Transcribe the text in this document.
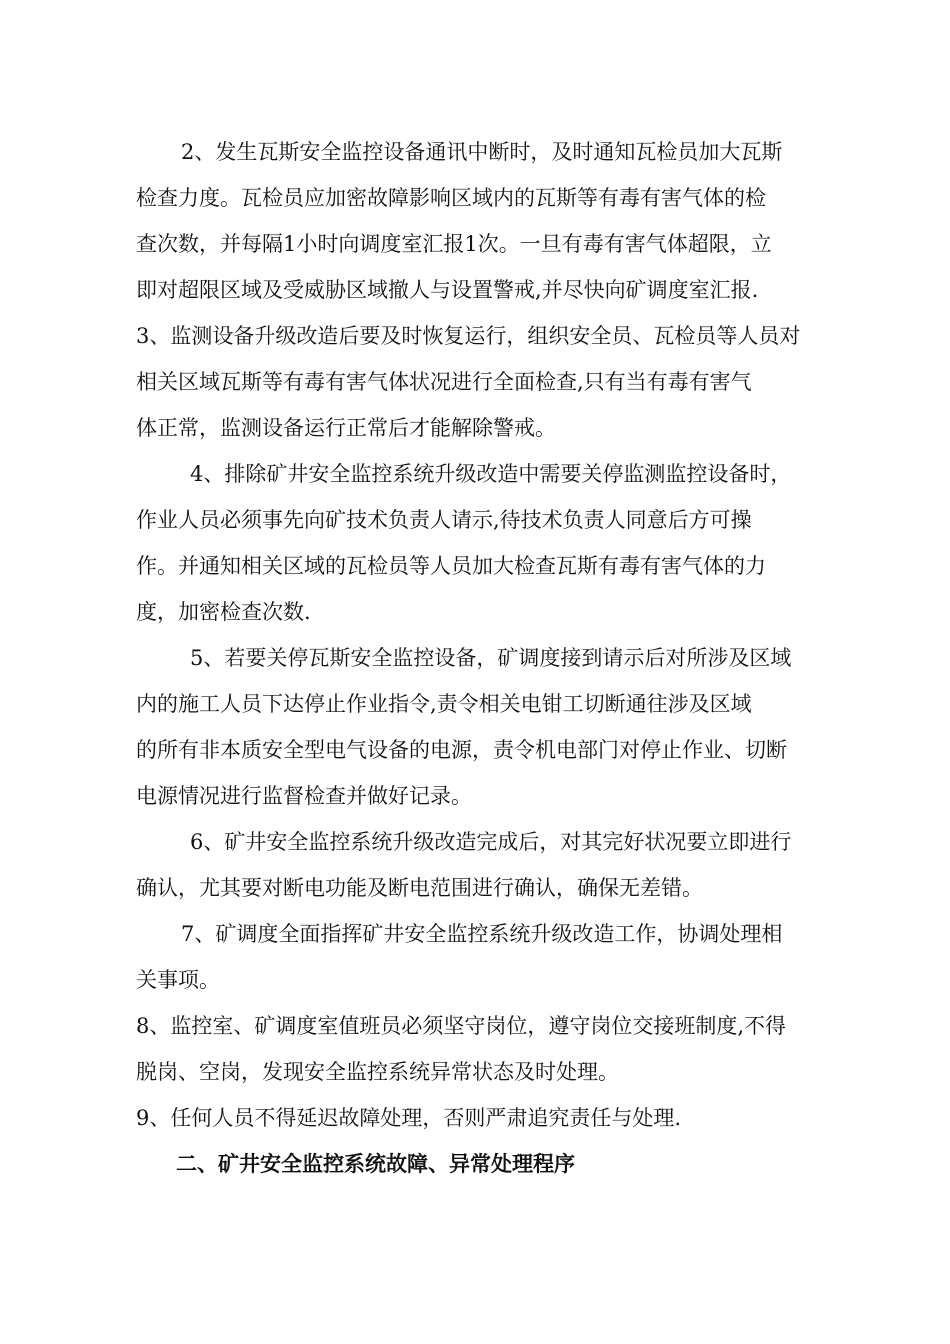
2、发生瓦斯安全监控设备通讯中断时，及时通知瓦检员加大瓦斯
检查力度。瓦检员应加密故障影响区域内的瓦斯等有毒有害气体的检
查次数，并每隔1小时向调度室汇报1次。一旦有毒有害气体超限，立
即对超限区域及受威胁区域撤人与设置警戒,并尽快向矿调度室汇报.
3、监测设备升级改造后要及时恢复运行，组织安全员、瓦检员等人员对
相关区域瓦斯等有毒有害气体状况进行全面检查,只有当有毒有害气
体正常，监测设备运行正常后才能解除警戒。
4、排除矿井安全监控系统升级改造中需要关停监测监控设备时，
作业人员必须事先向矿技术负责人请示,待技术负责人同意后方可操
作。并通知相关区域的瓦检员等人员加大检查瓦斯有毒有害气体的力
度，加密检查次数.
5、若要关停瓦斯安全监控设备，矿调度接到请示后对所涉及区域
内的施工人员下达停止作业指令,责令相关电钳工切断通往涉及区域
的所有非本质安全型电气设备的电源，责令机电部门对停止作业、切断
电源情况进行监督检查并做好记录。
6、矿井安全监控系统升级改造完成后，对其完好状况要立即进行
确认，尤其要对断电功能及断电范围进行确认，确保无差错。
7、矿调度全面指挥矿井安全监控系统升级改造工作，协调处理相
关事项。
8、监控室、矿调度室值班员必须坚守岗位，遵守岗位交接班制度,不得
脱岗、空岗，发现安全监控系统异常状态及时处理。
9、任何人员不得延迟故障处理，否则严肃追究责任与处理.
二、矿井安全监控系统故障、异常处理程序
